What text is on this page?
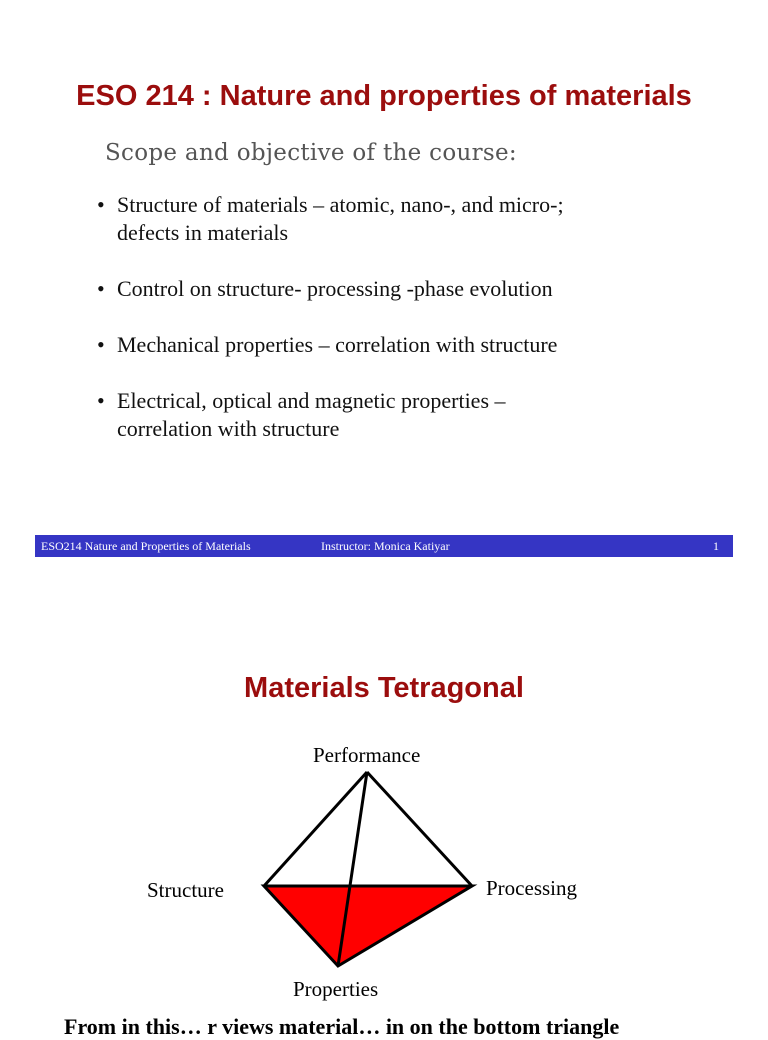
ESO 214 : Nature and properties of materials
Scope and objective of the course:
• Structure of materials – atomic, nano-, and micro-;
defects in materials
• Control on structure- processing -phase evolution
• Mechanical properties – correlation with structure
• Electrical, optical and magnetic properties –
correlation with structure
ESO214 Nature and Properties of Materials	Instructor: Monica Katiyar	1
Materials Tetragonal
Performance
Structure	Processing
Properties
From in this… r views material… in on the bottom triangle
